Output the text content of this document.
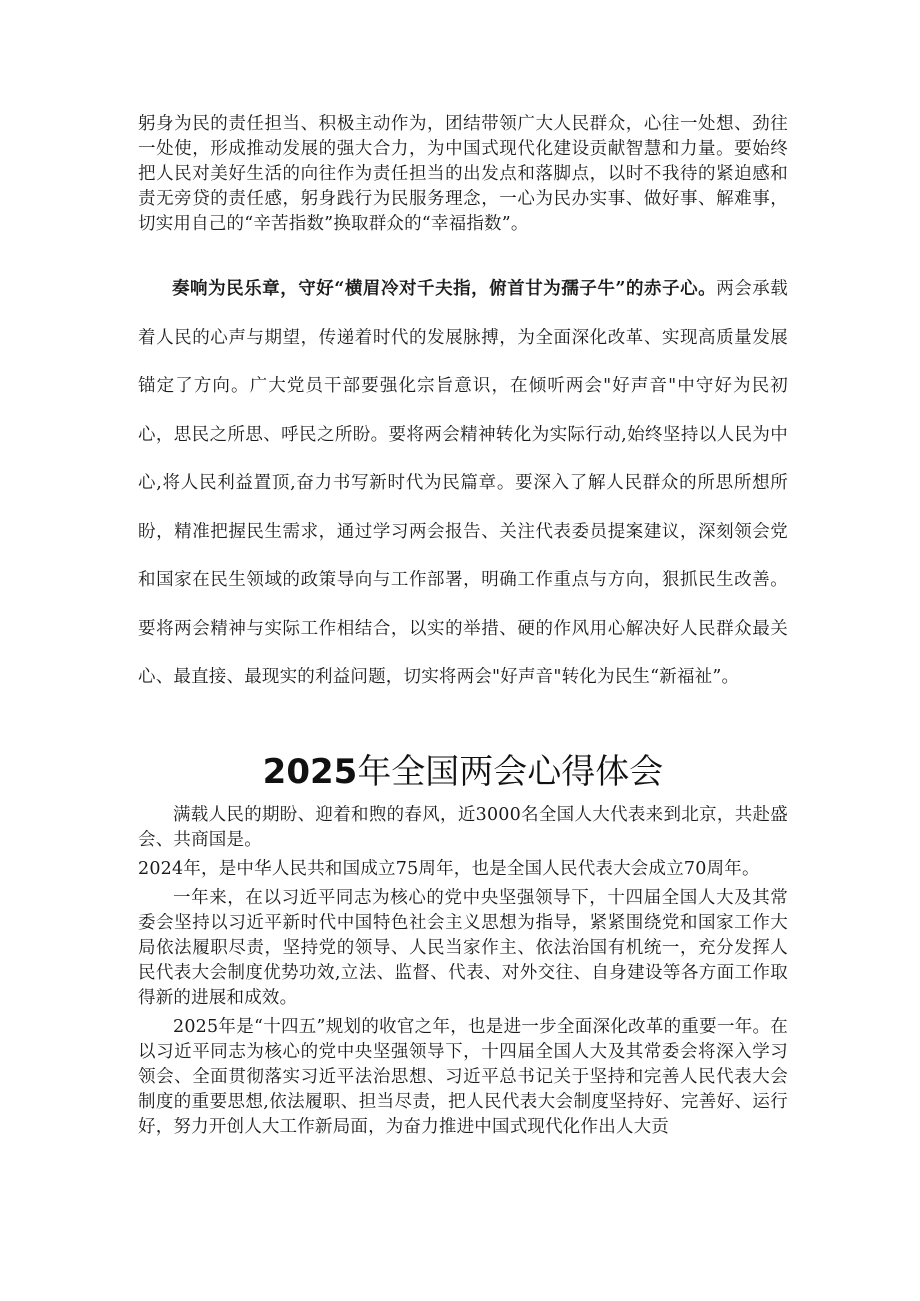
躬身为民的责任担当、积极主动作为，团结带领广大人民群众，心往一处想、劲往一处使，形成推动发展的强大合力，为中国式现代化建设贡献智慧和力量。要始终把人民对美好生活的向往作为责任担当的出发点和落脚点，以时不我待的紧迫感和责无旁贷的责任感，躬身践行为民服务理念，一心为民办实事、做好事、解难事，切实用自己的“辛苦指数”换取群众的“幸福指数”。

奏响为民乐章，守好“横眉冷对千夫指，俯首甘为孺子牛”的赤子心。两会承载着人民的心声与期望，传递着时代的发展脉搏，为全面深化改革、实现高质量发展锚定了方向。广大党员干部要强化宗旨意识，在倾听两会"好声音"中守好为民初心，思民之所思、呼民之所盼。要将两会精神转化为实际行动,始终坚持以人民为中心,将人民利益置顶,奋力书写新时代为民篇章。要深入了解人民群众的所思所想所盼，精准把握民生需求，通过学习两会报告、关注代表委员提案建议，深刻领会党和国家在民生领域的政策导向与工作部署，明确工作重点与方向，狠抓民生改善。要将两会精神与实际工作相结合，以实的举措、硬的作风用心解决好人民群众最关心、最直接、最现实的利益问题，切实将两会"好声音"转化为民生“新福祉”。

2025年全国两会心得体会

满载人民的期盼、迎着和煦的春风，近3000名全国人大代表来到北京，共赴盛会、共商国是。

2024年，是中华人民共和国成立75周年，也是全国人民代表大会成立70周年。

一年来，在以习近平同志为核心的党中央坚强领导下，十四届全国人大及其常委会坚持以习近平新时代中国特色社会主义思想为指导，紧紧围绕党和国家工作大局依法履职尽责，坚持党的领导、人民当家作主、依法治国有机统一，充分发挥人民代表大会制度优势功效,立法、监督、代表、对外交往、自身建设等各方面工作取得新的进展和成效。

2025年是“十四五”规划的收官之年，也是进一步全面深化改革的重要一年。在以习近平同志为核心的党中央坚强领导下，十四届全国人大及其常委会将深入学习领会、全面贯彻落实习近平法治思想、习近平总书记关于坚持和完善人民代表大会制度的重要思想,依法履职、担当尽责，把人民代表大会制度坚持好、完善好、运行好，努力开创人大工作新局面，为奋力推进中国式现代化作出人大贡
